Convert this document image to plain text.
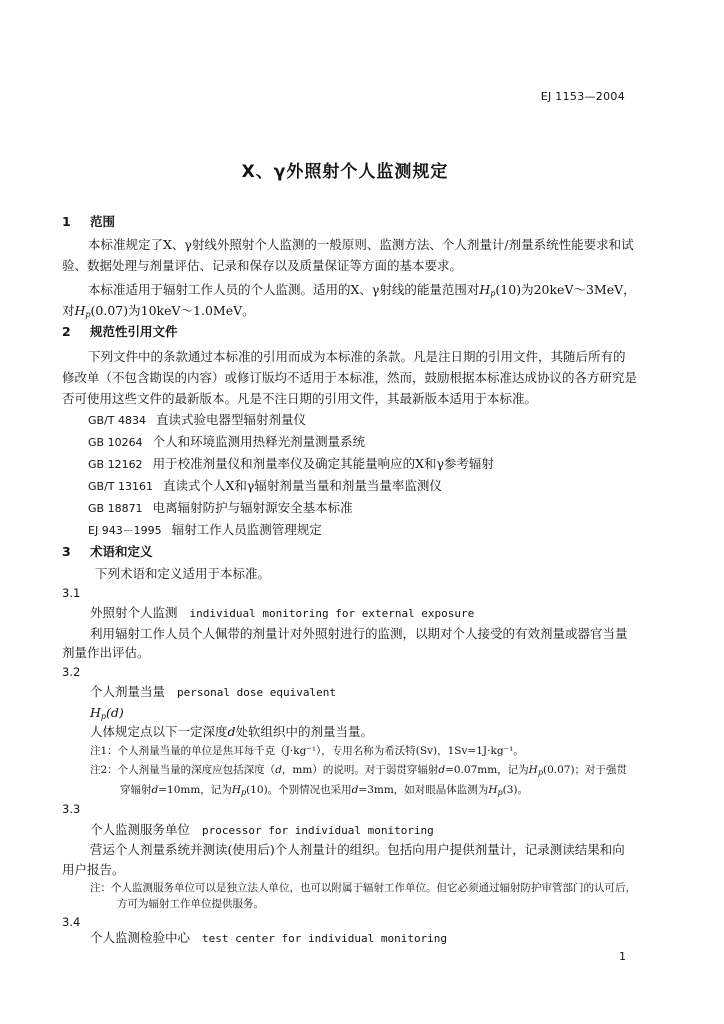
EJ 1153—2004
X、γ外照射个人监测规定

1 范围

本标准规定了X、γ射线外照射个人监测的一般原则、监测方法、个人剂量计/剂量系统性能要求和试验、数据处理与剂量评估、记录和保存以及质量保证等方面的基本要求。

本标准适用于辐射工作人员的个人监测。适用的X、γ射线的能量范围对$H_p(10)$为20keV～3MeV，对$H_p(0.07)$为10keV～1.0MeV。

2 规范性引用文件

下列文件中的条款通过本标准的引用而成为本标准的条款。凡是注日期的引用文件，其随后所有的修改单（不包含勘误的内容）或修订版均不适用于本标准，然而，鼓励根据本标准达成协议的各方研究是否可使用这些文件的最新版本。凡是不注日期的引用文件，其最新版本适用于本标准。

GB/T 4834 直读式验电器型辐射剂量仪

GB 10264 个人和环境监测用热释光剂量测量系统

GB 12162 用于校准剂量仪和剂量率仪及确定其能量响应的X和γ参考辐射

GB/T 13161 直读式个人X和γ辐射剂量当量和剂量当量率监测仪

GB 18871 电离辐射防护与辐射源安全基本标准

EJ 943－1995 辐射工作人员监测管理规定

3 术语和定义

下列术语和定义适用于本标准。

3.1

外照射个人监测 individual monitoring for external exposure

利用辐射工作人员个人佩带的剂量计对外照射进行的监测，以期对个人接受的有效剂量或器官当量剂量作出评估。

3.2

个人剂量当量 personal dose equivalent

$H_p(d)$

人体规定点以下一定深度d处软组织中的剂量当量。

注1：个人剂量当量的单位是焦耳每千克（J·kg⁻¹），专用名称为希沃特(Sv)，1Sv=1J·kg⁻¹。

注2：个人剂量当量的深度应包括深度（d，mm）的说明。对于弱贯穿辐射d=0.07mm，记为$H_p(0.07)$；对于强贯穿辐射d=10mm，记为$H_p(10)$。个别情况也采用d=3mm，如对眼晶体监测为$H_p(3)$。

3.3

个人监测服务单位 processor for individual monitoring

营运个人剂量系统并测读(使用后)个人剂量计的组织。包括向用户提供剂量计，记录测读结果和向用户报告。

注：个人监测服务单位可以是独立法人单位，也可以附属于辐射工作单位。但它必须通过辐射防护审管部门的认可后，方可为辐射工作单位提供服务。

3.4

个人监测检验中心 test center for individual monitoring

1
